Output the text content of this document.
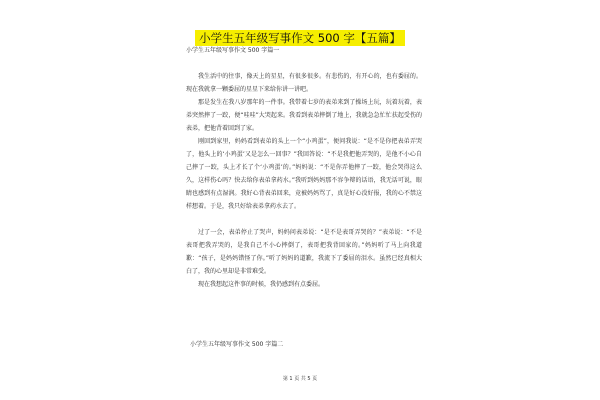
小学生五年级写事作文 500 字【五篇】
小学生五年级写事作文 500 字篇一

我生活中的往事，像天上的星星，有很多很多。有悲伤的，有开心的，也有委屈的。现在我就拿一颗委屈的星星下来给你讲一讲吧。

那是发生在我八岁那年的一件事。我带着七岁的表弟来到了操场上玩，玩着玩着，表弟突然摔了一跤，便“哇哇”大哭起来。我看到表弟摔倒了地上，我就急急忙忙扶起受伤的表弟，把他背着回到了家。

刚回到家里，妈妈看到表弟的头上一个“小鸡蛋”，便问我说：“是不是你把表弟弄哭了，他头上的‘小鸡蛋’又是怎么一回事？”我回答说：“不是我把他弄哭的，是他不小心自己摔了一跤，头上才长了个‘小鸡蛋’的。”妈妈说：“不是你弄他摔了一跤，他会哭得这么久，这样伤心吗？快去给你表弟拿药水。”我听到妈妈那不容争辩的话语，我无话可说，眼睛也感到有点湿润。我好心背表弟回来，竟被妈妈骂了，真是好心没好报，我的心不禁这样想着。于是，我只好给表弟拿药水去了。

过了一会，表弟停止了哭声，妈妈问表弟说：“是不是表哥弄哭的？”表弟说：“不是表哥把我弄哭的，是我自己不小心摔倒了，表哥把我背回家的。”妈妈听了马上向我道歉：“孩子，是妈妈错怪了你。”听了妈妈的道歉，我流下了委屈的泪水。虽然已经真相大白了，我的心里却是非常难受。

现在我想起这件事的时候，我仍感到有点委屈。

小学生五年级写事作文 500 字篇二
第 1 页 共 5 页
